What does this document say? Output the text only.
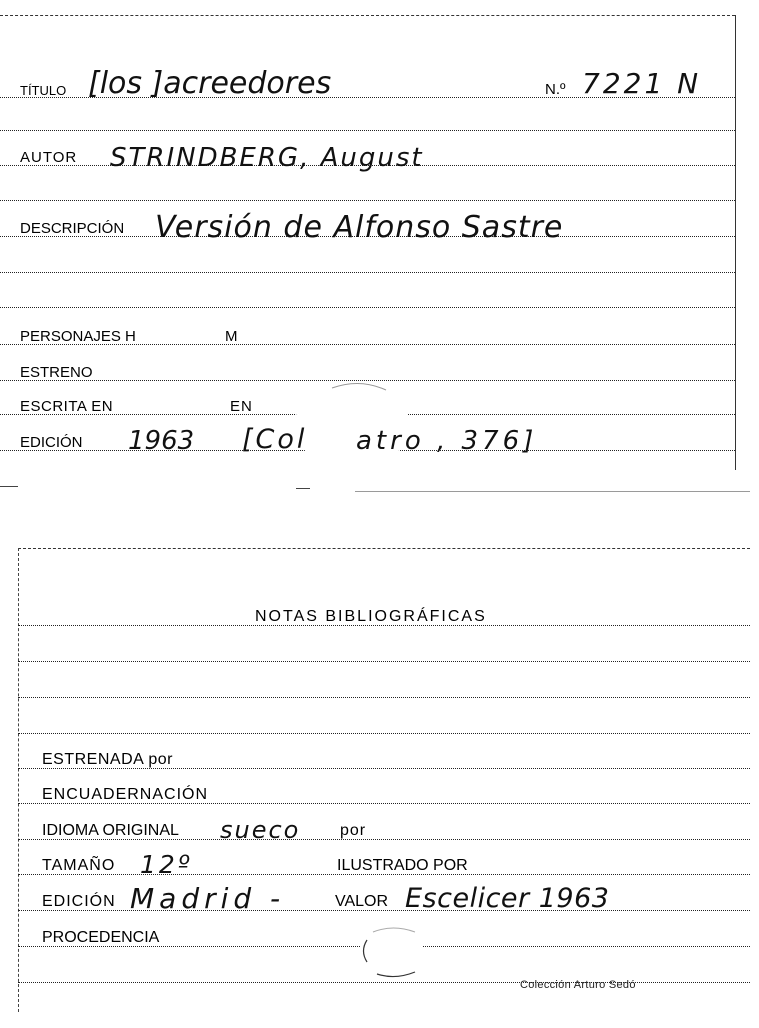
TÍTULO [los ]acreedores	N.º 7221 N
AUTOR STRINDBERG, August
DESCRIPCIÓN Versión de Alfonso Sastre
PERSONAJES H	M
ESTRENO
ESCRITA EN	EN
EDICIÓN 1963 [Col atro , 376]
NOTAS BIBLIOGRÁFICAS
ESTRENADA por
ENCUADERNACIÓN
IDIOMA ORIGINAL sueco por
TAMAÑO 12º	ILUSTRADO POR
EDICIÓN Madrid -	VALOR Escelicer 1963
PROCEDENCIA
Colección Arturo Sedó
